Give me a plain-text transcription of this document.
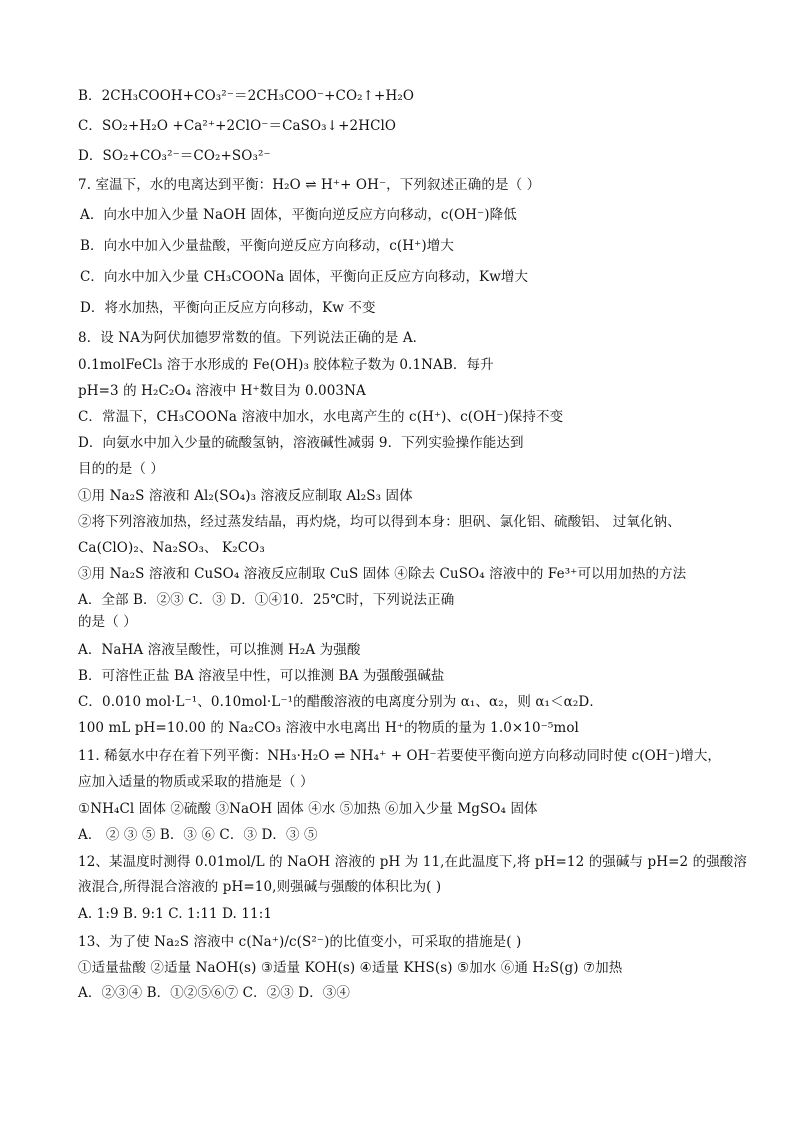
B．2CH₃COOH+CO₃²⁻＝2CH₃COO⁻+CO₂↑+H₂O
C．SO₂+H₂O +Ca²⁺+2ClO⁻＝CaSO₃↓+2HClO
D．SO₂+CO₃²⁻＝CO₂+SO₃²⁻
7. 室温下，水的电离达到平衡：H₂O ⇌ H⁺+ OH⁻，下列叙述正确的是（ ）
A．向水中加入少量 NaOH 固体，平衡向逆反应方向移动，c(OH⁻)降低
B．向水中加入少量盐酸，平衡向逆反应方向移动，c(H⁺)增大
C．向水中加入少量 CH₃COONa 固体，平衡向正反应方向移动，Kw增大
D．将水加热，平衡向正反应方向移动，Kw 不变
8．设 NA为阿伏加德罗常数的值。下列说法正确的是 A．
0.1molFeCl₃ 溶于水形成的 Fe(OH)₃ 胶体粒子数为 0.1NAB．每升
pH=3 的 H₂C₂O₄ 溶液中 H⁺数目为 0.003NA
C．常温下，CH₃COONa 溶液中加水，水电离产生的 c(H⁺)、c(OH⁻)保持不变
D．向氨水中加入少量的硫酸氢钠，溶液碱性减弱 9．下列实验操作能达到
目的的是（ ）
①用 Na₂S 溶液和 Al₂(SO₄)₃ 溶液反应制取 Al₂S₃ 固体
②将下列溶液加热，经过蒸发结晶，再灼烧，均可以得到本身：胆矾、氯化铝、硫酸铝、 过氧化钠、
Ca(ClO)₂、Na₂SO₃、 K₂CO₃
③用 Na₂S 溶液和 CuSO₄ 溶液反应制取 CuS 固体 ④除去 CuSO₄ 溶液中的 Fe³⁺可以用加热的方法
A．全部 B．②③ C．③ D．①④10．25℃时，下列说法正确
的是（ ）
A．NaHA 溶液呈酸性，可以推测 H₂A 为强酸
B．可溶性正盐 BA 溶液呈中性，可以推测 BA 为强酸强碱盐
C．0.010 mol·L⁻¹、0.10mol·L⁻¹的醋酸溶液的电离度分别为 α₁、α₂，则 α₁＜α₂D．
100 mL pH=10.00 的 Na₂CO₃ 溶液中水电离出 H⁺的物质的量为 1.0×10⁻⁵mol
11. 稀氨水中存在着下列平衡：NH₃·H₂O ⇌ NH₄⁺ + OH⁻若要使平衡向逆方向移动同时使 c(OH⁻)增大，
应加入适量的物质或采取的措施是（ ）
①NH₄Cl 固体 ②硫酸 ③NaOH 固体 ④水 ⑤加热 ⑥加入少量 MgSO₄ 固体
A． ② ③ ⑤ B．③ ⑥ C．③ D．③ ⑤
12、某温度时测得 0.01mol/L 的 NaOH 溶液的 pH 为 11,在此温度下,将 pH=12 的强碱与 pH=2 的强酸溶
液混合,所得混合溶液的 pH=10,则强碱与强酸的体积比为( )
A. 1:9 B. 9:1 C. 1:11 D. 11:1
13、为了使 Na₂S 溶液中 c(Na⁺)/c(S²⁻)的比值变小，可采取的措施是( )
①适量盐酸 ②适量 NaOH(s) ③适量 KOH(s) ④适量 KHS(s) ⑤加水 ⑥通 H₂S(g) ⑦加热
A．②③④ B．①②⑤⑥⑦ C．②③ D．③④
